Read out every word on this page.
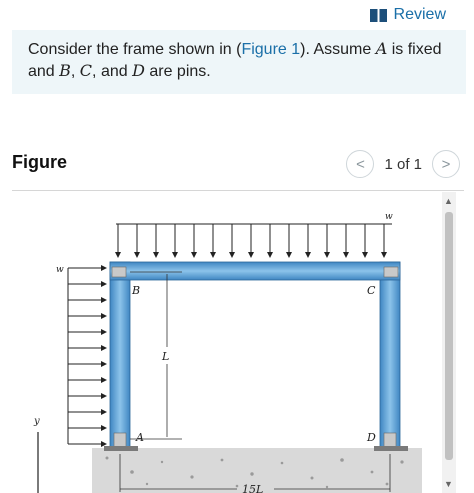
Review

Consider the frame shown in (Figure 1). Assume A is fixed and B, C, and D are pins.

Figure	< 1 of 1 >
w
w
B	C
L
A	D
y
15L
▲
▼
